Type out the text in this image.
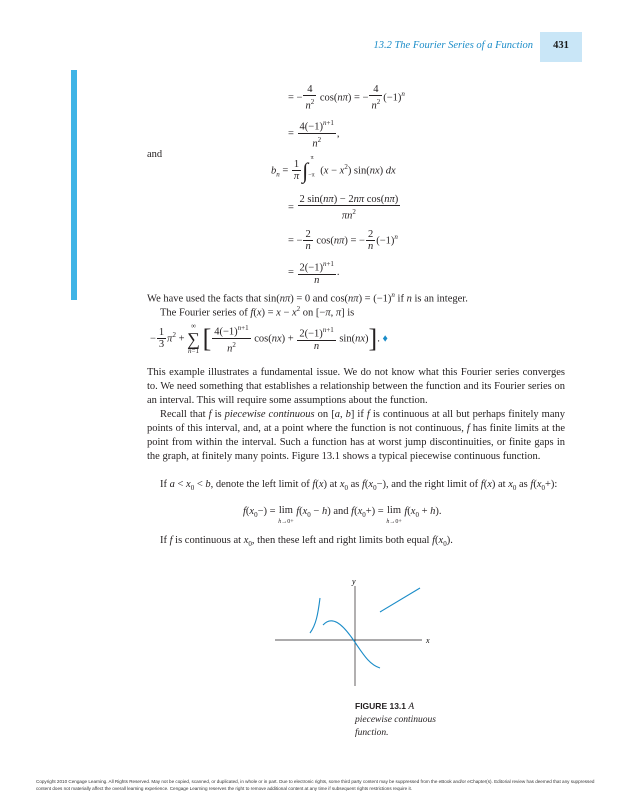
13.2 The Fourier Series of a Function	431
= − $\frac{4}{n^2} \cos(n\pi)$ = − $\frac{4}{n^2} (-1)^n$
= $\frac{4(-1)^{n+1}}{n^2}$ ,
and
$b_n = \frac{1}{\pi} \int_{-\pi}^\pi$ $(x - x^2)$ sin(nx) dx
= $\frac{\text{2 sin(nπ) − 2nπ cos(nπ)}}{\pi n^2}$
= − $\frac{2}{n} \cos(n\pi)$ = − $\frac{2}{n} (-1)^n$
= $\frac{2(-1)^{n+1}}{n}$ .
We have used the facts that sin(nπ) = 0 and $\cos(n\pi) = (-1)^n$ if n is an integer.
The Fourier series of $f(x) = x - x^2$ on [−π, π] is
− $\frac{1}{3} \pi^2$ +
∞
∑
n=1 [ $\frac{4(-1)^{n+1}}{n^2} \cos(nx) + \frac{2(-1)^{n+1}}{n} \sin(nx)$]. ♦
This example illustrates a fundamental issue. We do not know what this Fourier series converges to. We need something that establishes a relationship between the function and its Fourier series on an interval. This will require some assumptions about the function.
Recall that f is piecewise continuous on [a, b] if f is continuous at all but perhaps finitely many points of this interval, and, at a point where the function is not continuous, f has finite limits at the point from within the interval. Such a function has at worst jump discontinuities, or finite gaps in the graph, at finitely many points. Figure 13.1 shows a typical piecewise continuous function.
If $a < x_0 < b$, denote the left limit of f(x) at $x_0$ as $f(x_0-)$, and the right limit of f(x) at $x_0$ as $f(x_0+)$:
$f(x_0-) = \lim$
$h\to 0+ f(x_0 - h)$ and $f(x_0+) = \lim$
$h\to 0+ f(x_0 + h)$.
If f is continuous at $x_0$, then these left and right limits both equal $f(x_0)$.
y
x
FIGURE 13.1 A piecewise continuous function.
Copyright 2010 Cengage Learning. All Rights Reserved. May not be copied, scanned, or duplicated, in whole or in part. Due to electronic rights, some third party content may be suppressed from the eBook and/or eChapter(s). Editorial review has deemed that any suppressed content does not materially affect the overall learning experience. Cengage Learning reserves the right to remove additional content at any time if subsequent rights restrictions require it.
